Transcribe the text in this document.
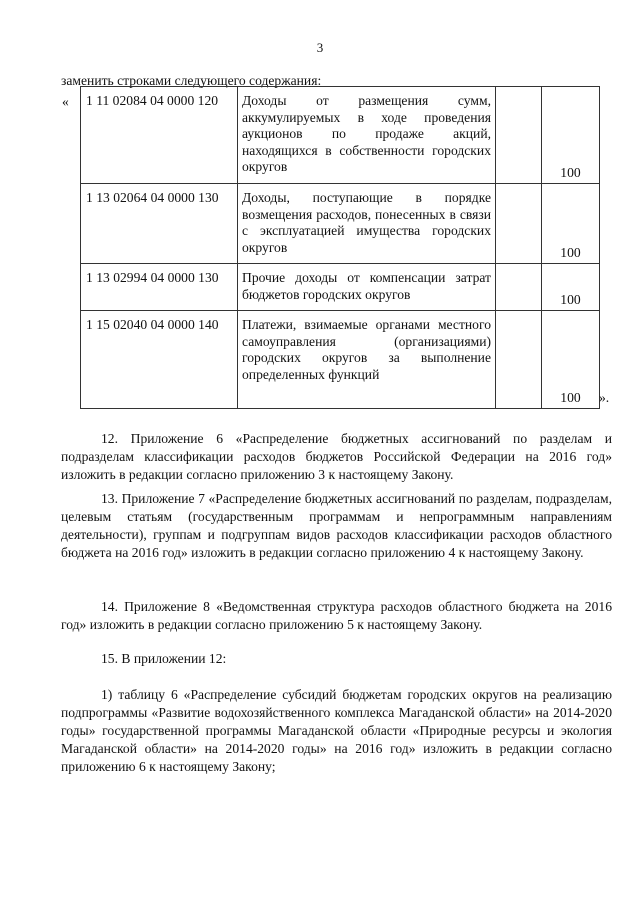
3
заменить строками следующего содержания:
« 1 11 02084 04 0000 120	Доходы от размещения сумм, аккумулируемых в ходе проведения аукционов по продаже акций, находящихся в собственности городских округов		100
1 13 02064 04 0000 130	Доходы, поступающие в порядке возмещения расходов, понесенных в связи с эксплуатацией имущества городских округов		100
1 13 02994 04 0000 130	Прочие доходы от компенсации затрат бюджетов городских округов		100
1 15 02040 04 0000 140	Платежи, взимаемые органами местного самоуправления (организациями) городских округов за выполнение определенных функций		100 ».
12. Приложение 6 «Распределение бюджетных ассигнований по разделам и подразделам классификации расходов бюджетов Российской Федерации на 2016 год» изложить в редакции согласно приложению 3 к настоящему Закону.
13. Приложение 7 «Распределение бюджетных ассигнований по разделам, подразделам, целевым статьям (государственным программам и непрограммным направлениям деятельности), группам и подгруппам видов расходов классификации расходов областного бюджета на 2016 год» изложить в редакции согласно приложению 4 к настоящему Закону.
14. Приложение 8 «Ведомственная структура расходов областного бюджета на 2016 год» изложить в редакции согласно приложению 5 к настоящему Закону.
15. В приложении 12:
1) таблицу 6 «Распределение субсидий бюджетам городских округов на реализацию подпрограммы «Развитие водохозяйственного комплекса Магаданской области» на 2014-2020 годы» государственной программы Магаданской области «Природные ресурсы и экология Магаданской области» на 2014-2020 годы» на 2016 год» изложить в редакции согласно приложению 6 к настоящему Закону;
